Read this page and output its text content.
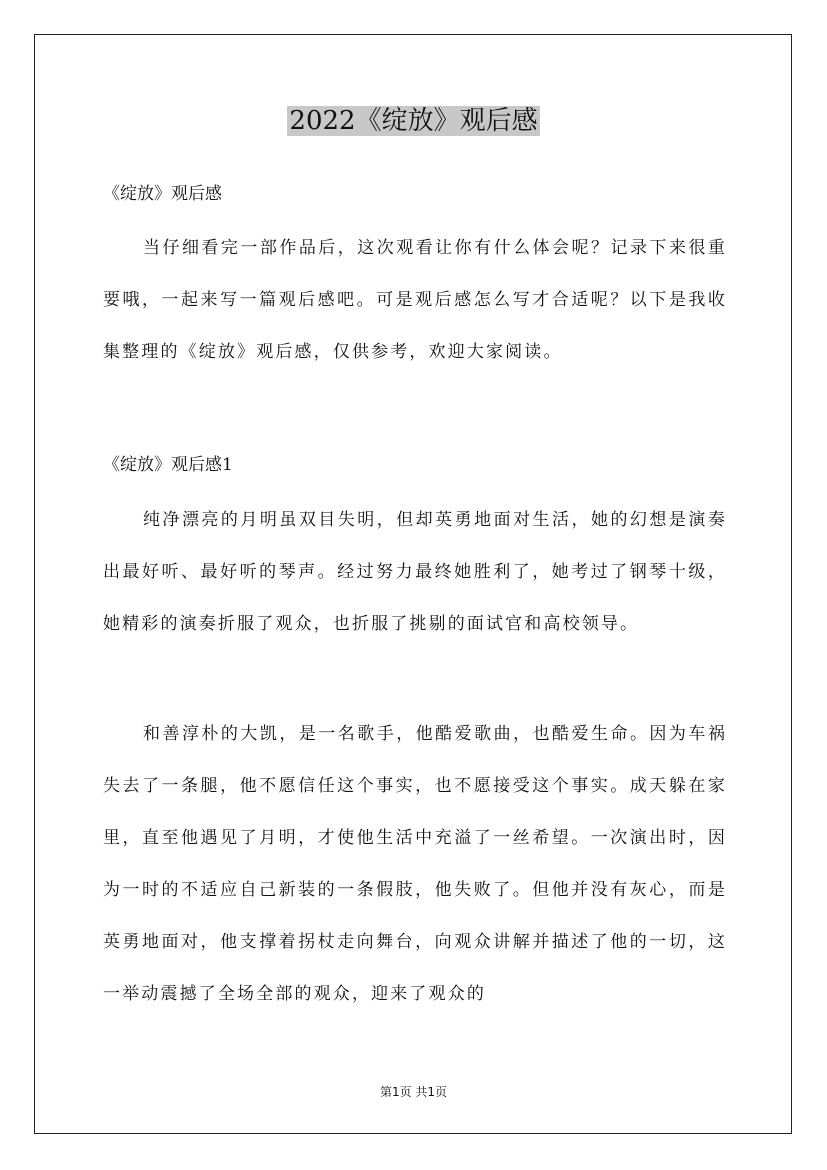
2022《绽放》观后感

《绽放》观后感

当仔细看完一部作品后，这次观看让你有什么体会呢？记录下来很重要哦，一起来写一篇观后感吧。可是观后感怎么写才合适呢？以下是我收集整理的《绽放》观后感，仅供参考，欢迎大家阅读。

《绽放》观后感1

纯净漂亮的月明虽双目失明，但却英勇地面对生活，她的幻想是演奏出最好听、最好听的琴声。经过努力最终她胜利了，她考过了钢琴十级，她精彩的演奏折服了观众，也折服了挑剔的面试官和高校领导。

和善淳朴的大凯，是一名歌手，他酷爱歌曲，也酷爱生命。因为车祸失去了一条腿，他不愿信任这个事实，也不愿接受这个事实。成天躲在家里，直至他遇见了月明，才使他生活中充溢了一丝希望。一次演出时，因为一时的不适应自己新装的一条假肢，他失败了。但他并没有灰心，而是英勇地面对，他支撑着拐杖走向舞台，向观众讲解并描述了他的一切，这一举动震撼了全场全部的观众，迎来了观众的

第1页 共1页
